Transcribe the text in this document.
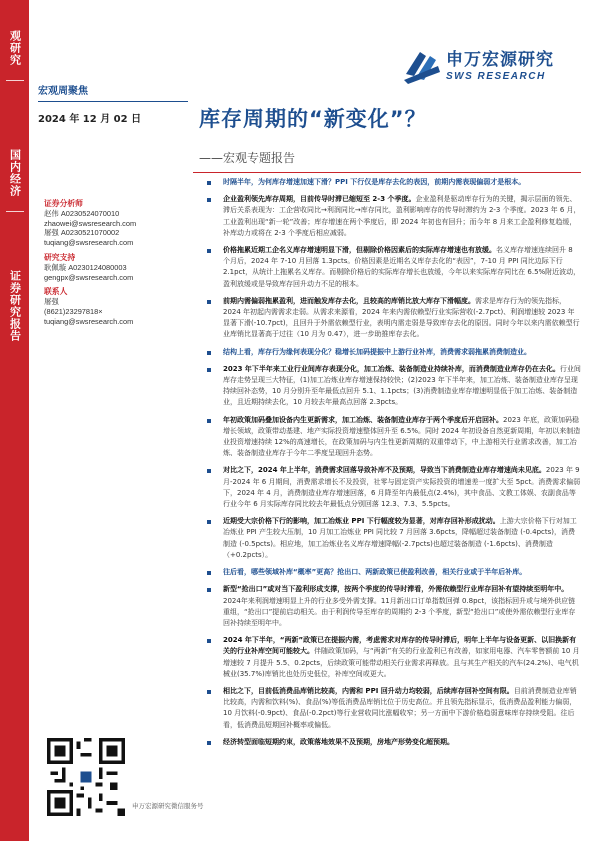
观研究
国内经济
证券研究报告
申万宏源研究
SWS RESEARCH
宏观周聚焦
2024 年 12 月 02 日	库存周期的“新变化”？
——宏观专题报告
证券分析师
赵伟 A0230524070010
zhaowei@swsresearch.com
屠强 A0230521070002
tuqiang@swsresearch.com
研究支持
耿佩璇 A0230124080003
gengpx@swsresearch.com
联系人
屠强
(8621)23297818×
tuqiang@swsresearch.com
申万宏源研究微信服务号
时隔半年，为何库存增速加速下滑？PPI 下行仅是库存去化的表因，前期内需表现偏弱才是根本。
企业盈利领先库存周期，目前传导时滞已缩短至 2-3 个季度。企业盈利是驱动库存行为的关键，揭示层面的领先、滞后关系表现为：工企营收同比→利润同比→库存同比，盈利影响库存的传导时滞约为 2-3 个季度。2023 年 6 月，工业盈利出现“新一轮”改善；库存增速在两个季度后，即 2024 年初也有回升；而今年 8 月来工企盈利修复趋缓，补库动力或将在 2-3 个季度后相应减弱。
价格拖累近期工企名义库存增速明显下滑，但剔除价格因素后的实际库存增速也有放缓。名义库存增速连续回升 8 个月后，2024 年 7-10 月回落 1.3pcts。价格因素是近期名义库存去化的“表因”，7-10 月 PPI 同比边际下行 2.1pct，从统计上拖累名义库存。而剔除价格后的实际库存增长也放缓，今年以来实际库存同比在 6.5%附近波动，盈利放缓或是导致库存回升动力不足的根本。
前期内需偏弱拖累盈利，进而触发库存去化，且较高的库销比放大库存下滑幅度。需求是库存行为的领先指标，2024 年初起内需需求走弱。从需求来源看，2024 年来内需依赖型行业实际营收(-2.7pct)、利润增速较 2023 年显著下滑(-10.7pct)，且回升于外需依赖型行业，表明内需走弱是导致库存去化的原因。同时今年以来内需依赖型行业库销比显著高于过往（10 月为 0.47），进一步助推库存去化。
结构上看，库存行为缘何表现分化？稳增长加码提振中上游行业补库，消费需求弱拖累消费制造业。
2023 年下半年来工业行业间库存表现分化，加工冶炼、装备制造业持续补库，而消费制造业库存仍在去化。行业间库存走势呈现三大特征，(1)加工冶炼业库存增速保持较快；(2)2023 年下半年来，加工冶炼、装备制造业库存呈现持续回补态势，10 月分别升至年最低点回升 5.1、1.1pcts；(3)消费制造业库存增速明显低于加工冶炼、装备制造业，且近期持续去化，10 月较去年最高点回落 2.3pcts。
年初政策加码叠加设备内生更新需求，加工冶炼、装备制造业库存于两个季度后开启回补。2023 年底，政策加码稳增长领域，政策带动基建、地产实际投资增速整体回升至 6.5%。同时 2024 年初设备自然更新周期，年初以来制造业投资增速持续 12%的高速增长，在政策加码与内生性更新周期的双重带动下，中上游相关行业需求改善，加工冶炼、装备制造业库存于今年二季度呈现回升态势。
对比之下，2024 年上半年，消费需求回落导致补库不及预期，导致当下消费制造业库存增速尚未见底。2023 年 9 月-2024 年 6 月期间，消费需求增长不及投资，社零与固定资产实际投资的增速差一度扩大至 5pct。消费需求偏弱下，2024 年 4 月，消费制造业库存增速回落，6 月降至年内最低点(2.4%)，其中食品、文教工体娱、农副食品等行业今年 6 月实际库存同比较去年最低点分别回落 12.3、7.3、5.5pcts。
近期受大宗价格下行的影响，加工冶炼业 PPI 下行幅度较为显著，对库存回补形成扰动。上游大宗价格下行对加工冶炼业 PPI 产生较大压制，10 月加工冶炼业 PPI 同比较 7 月回落 3.6pcts，降幅超过装备制造 (-0.4pcts)，消费制造 (-0.5pcts)。相应地，加工冶炼业名义库存增速降幅(-2.7pcts)也超过装备制造 (-1.6pcts)、消费制造（+0.2pcts）。
往后看，哪些领域补库“概率”更高？抢出口、两新政策已使盈利改善，相关行业或于半年后补库。
新型“抢出口”或对当下盈利形成支撑，按两个季度的传导时滞看，外需依赖型行业库存回补有望持续至明年中。2024年来利润增速明显上升的行业多受外需支撑。11月新出口订单指数回弹 0.8pct，该指标回升或与境外供应链重组，“抢出口”提前启动相关。由于利润传导至库存的周期约 2-3 个季度，新型“抢出口”或使外需依赖型行业库存回补持续至明年中。
2024 年下半年，“两新”政策已在提振内需，考虑需求对库存的传导时滞后，明年上半年与设备更新、以旧换新有关的行业补库空间可能较大。伴随政策加码，与“两新”有关的行业盈利已有改善，如家用电器、汽车零售额前 10 月增速较 7 月提升 5.5、0.2pcts，后续政策可能带动相关行业需求再释放。且与其生产相关的汽车(24.2%)、电气机械业(35.7%)库销比也处历史低位，补库空间或更大。
相比之下，目前低消费品库销比较高，内需和 PPI 回升动力均较弱，后续库存回补空间有限。目前消费制造业库销比较高，内需和饮料(%)、食品(%)等低消费品库销比位于历史高位。并且领先指标显示，低消费品盈利能力偏弱，10 月饮料(-0.9pct)、食品(-0.2pct)等行业营收同比涨幅收窄；另一方面中下游价格趋弱意味库存持续受阻。往后看，低消费品短期回补概率或偏低。
经济转型面临短期约束，政策落地效果不及预期，房地产形势变化超预期。
